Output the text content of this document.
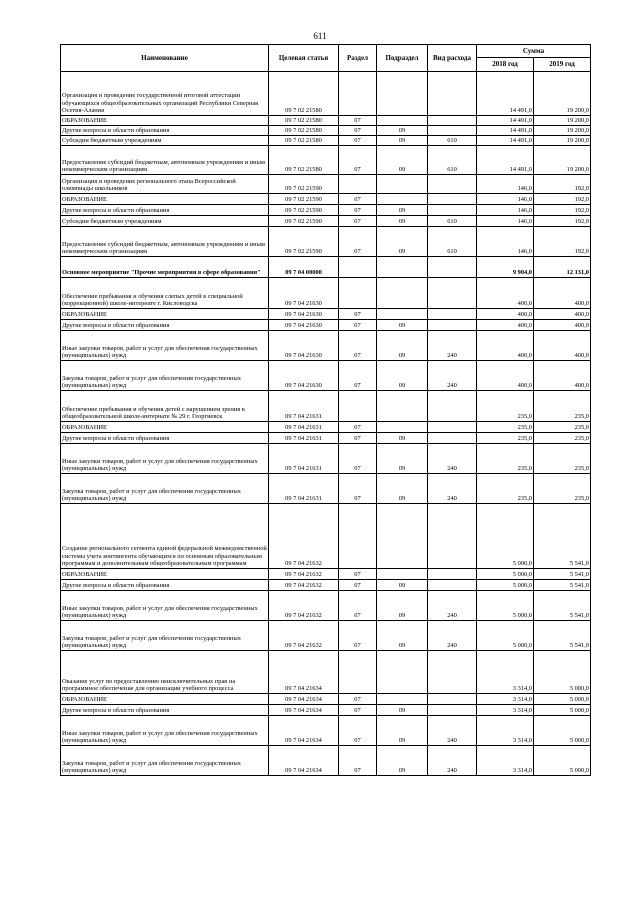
611
Наименование	Целевая статья	Раздел	Подраздел	Вид расхода	Сумма	
					2018 год	2019 год
Организация и проведение государственной итоговой аттестации обучающихся общеобразовательных организаций Республики Северная Осетия-Алания	09 7 02 21580				14 491,0	19 200,0
ОБРАЗОВАНИЕ	09 7 02 21580	07			14 491,0	19 200,0
Другие вопросы в области образования	09 7 02 21580	07	09		14 491,0	19 200,0
Субсидии бюджетным учреждениям	09 7 02 21580	07	09	610	14 491,0	19 200,0
Предоставление субсидий бюджетным, автономным учреждениям и иным некоммерческим организациям	09 7 02 21580	07	09	610	14 491,0	19 200,0
Организация и проведение регионального этапа Всероссийской олимпиады школьников	09 7 02 21590				146,0	192,0
ОБРАЗОВАНИЕ	09 7 02 21590	07			146,0	192,0
Другие вопросы в области образования	09 7 02 21590	07	09		146,0	192,0
Субсидии бюджетным учреждениям	09 7 02 21590	07	09	610	146,0	192,0
Предоставление субсидий бюджетным, автономным учреждениям и иным некоммерческим организациям	09 7 02 21590	07	09	610	146,0	192,0
Основное мероприятие "Прочие мероприятия в сфере образования"	09 7 04 00000				9 904,0	12 131,0
Обеспечение пребывания и обучения слепых детей в специальной (коррекционной) школе-интернате г. Кисловодска	09 7 04 21630				400,0	400,0
ОБРАЗОВАНИЕ	09 7 04 21630	07			400,0	400,0
Другие вопросы в области образования	09 7 04 21630	07	09		400,0	400,0
Иные закупки товаров, работ и услуг для обеспечения государственных (муниципальных) нужд	09 7 04 21630	07	09	240	400,0	400,0
Закупка товаров, работ и услуг для обеспечения государственных (муниципальных) нужд	09 7 04 21630	07	09	240	400,0	400,0
Обеспечение пребывания и обучения детей с нарушением зрения в общеобразовательной школе-интернате № 29 г. Георгиевск	09 7 04 21631				235,0	235,0
ОБРАЗОВАНИЕ	09 7 04 21631	07			235,0	235,0
Другие вопросы в области образования	09 7 04 21631	07	09		235,0	235,0
Иные закупки товаров, работ и услуг для обеспечения государственных (муниципальных) нужд	09 7 04 21631	07	09	240	235,0	235,0
Закупка товаров, работ и услуг для обеспечения государственных (муниципальных) нужд	09 7 04 21631	07	09	240	235,0	235,0
Создание регионального сегмента единой федеральной межведомственной системы учета контингента обучающихся по основным образовательным программам и дополнительным общеобразовательным программам	09 7 04 21632				5 000,0	5 541,0
ОБРАЗОВАНИЕ	09 7 04 21632	07			5 000,0	5 541,0
Другие вопросы в области образования	09 7 04 21632	07	09		5 000,0	5 541,0
Иные закупки товаров, работ и услуг для обеспечения государственных (муниципальных) нужд	09 7 04 21632	07	09	240	5 000,0	5 541,0
Закупка товаров, работ и услуг для обеспечения государственных (муниципальных) нужд	09 7 04 21632	07	09	240	5 000,0	5 541,0
Оказание услуг по предоставлению неисключительных прав на программное обеспечение для организации учебного процесса	09 7 04 21634				3 314,0	5 000,0
ОБРАЗОВАНИЕ	09 7 04 21634	07			3 314,0	5 000,0
Другие вопросы в области образования	09 7 04 21634	07	09		3 314,0	5 000,0
Иные закупки товаров, работ и услуг для обеспечения государственных (муниципальных) нужд	09 7 04 21634	07	09	240	3 314,0	5 000,0
Закупка товаров, работ и услуг для обеспечения государственных (муниципальных) нужд	09 7 04 21634	07	09	240	3 314,0	5 000,0
